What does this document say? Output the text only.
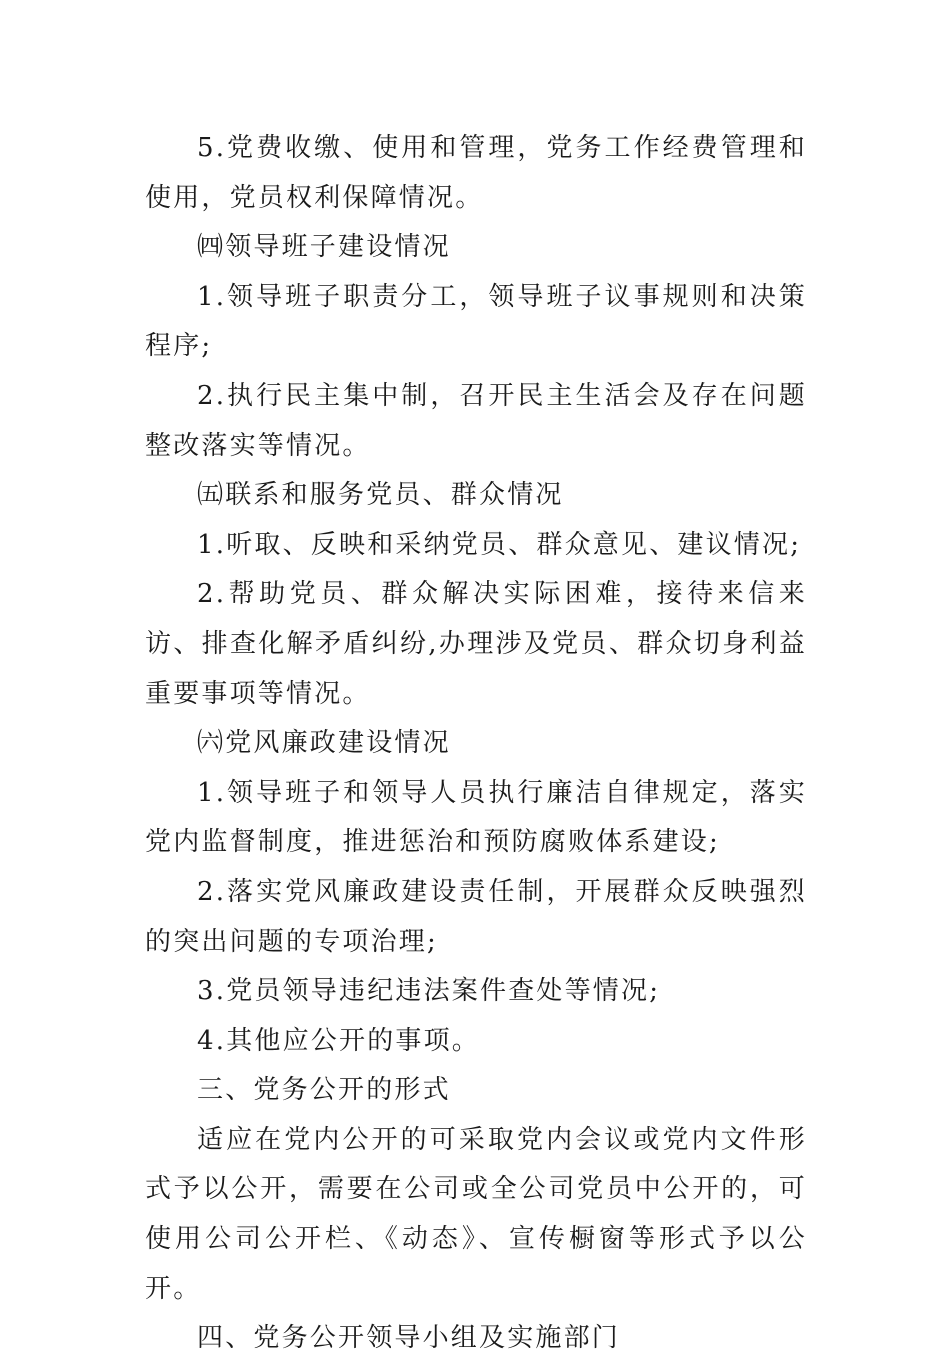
5.党费收缴、使用和管理，党务工作经费管理和使用，党员权利保障情况。

㈣领导班子建设情况

1.领导班子职责分工，领导班子议事规则和决策程序;

2.执行民主集中制，召开民主生活会及存在问题整改落实等情况。

㈤联系和服务党员、群众情况

1.听取、反映和采纳党员、群众意见、建议情况;

2.帮助党员、群众解决实际困难，接待来信来访、排查化解矛盾纠纷,办理涉及党员、群众切身利益重要事项等情况。

㈥党风廉政建设情况

1.领导班子和领导人员执行廉洁自律规定，落实党内监督制度，推进惩治和预防腐败体系建设;

2.落实党风廉政建设责任制，开展群众反映强烈的突出问题的专项治理;

3.党员领导违纪违法案件查处等情况;

4.其他应公开的事项。

三、党务公开的形式

适应在党内公开的可采取党内会议或党内文件形式予以公开，需要在公司或全公司党员中公开的，可使用公司公开栏、《动态》、宣传橱窗等形式予以公开。

四、党务公开领导小组及实施部门
